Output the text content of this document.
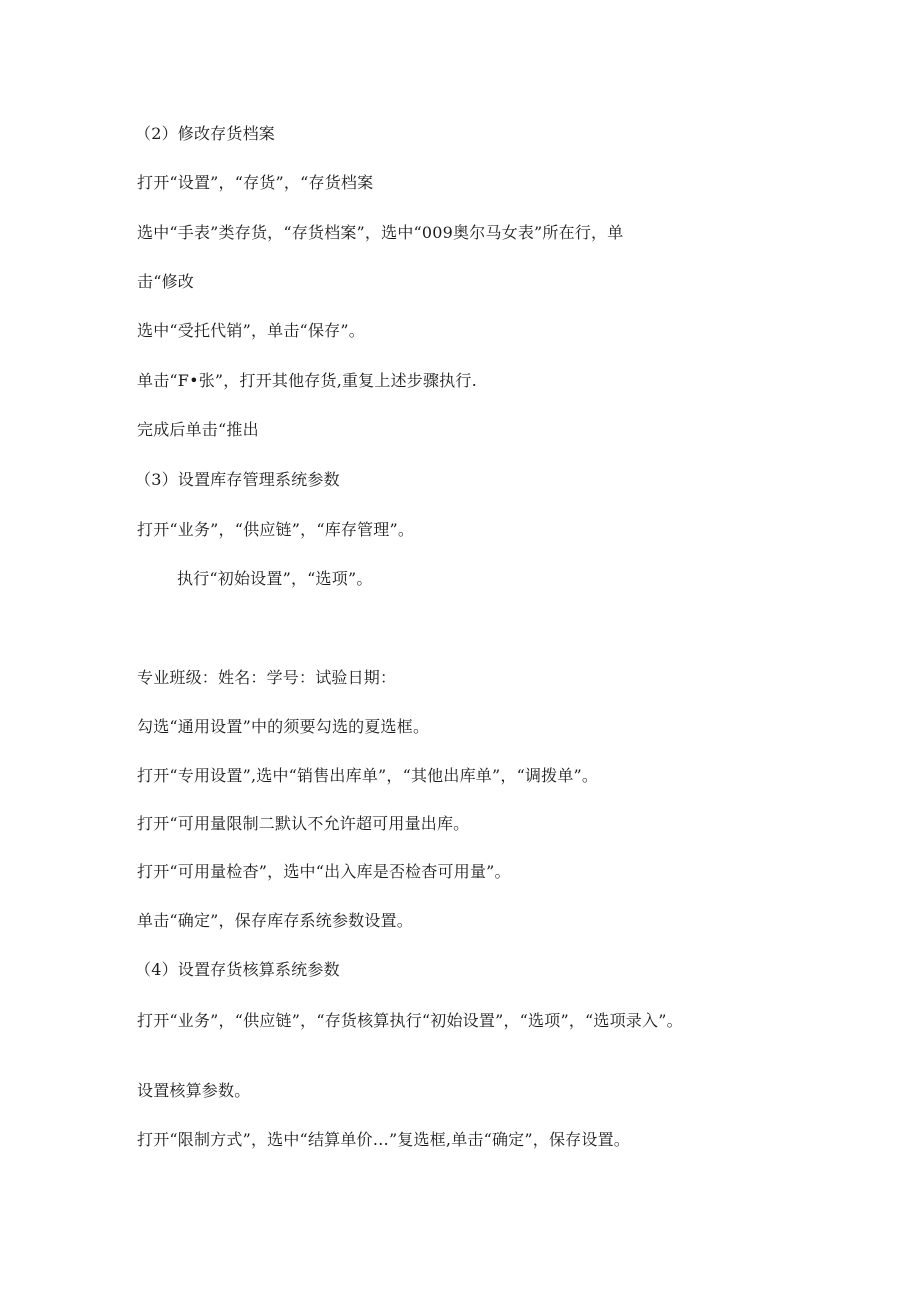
（2）修改存货档案
打开“设置”，“存货”，“存货档案
选中“手表”类存货，“存货档案”，选中“009奥尔马女表”所在行，单
击“修改
选中“受托代销”，单击“保存”。
单击“F•张”，打开其他存货,重复上述步骤执行.
完成后单击“推出
（3）设置库存管理系统参数
打开“业务”，“供应链”，“库存管理”。
执行“初始设置”，“选项”。
专业班级：姓名：学号：试验日期：
勾选“通用设置”中的须要勾选的夏选框。
打开“专用设置”,选中“销售出库单”，“其他出库单”，“调拨单”。
打开“可用量限制二默认不允许超可用量出库。
打开“可用量检杳”，选中“出入库是否检杳可用量”。
单击“确定”，保存库存系统参数设置。
（4）设置存货核算系统参数
打开“业务”，“供应链”，“存货核算执行“初始设置”，“选项”，“选项录入”。
设置核算参数。
打开“限制方式”，选中“结算单价…”复选框,单击“确定”，保存设置。
